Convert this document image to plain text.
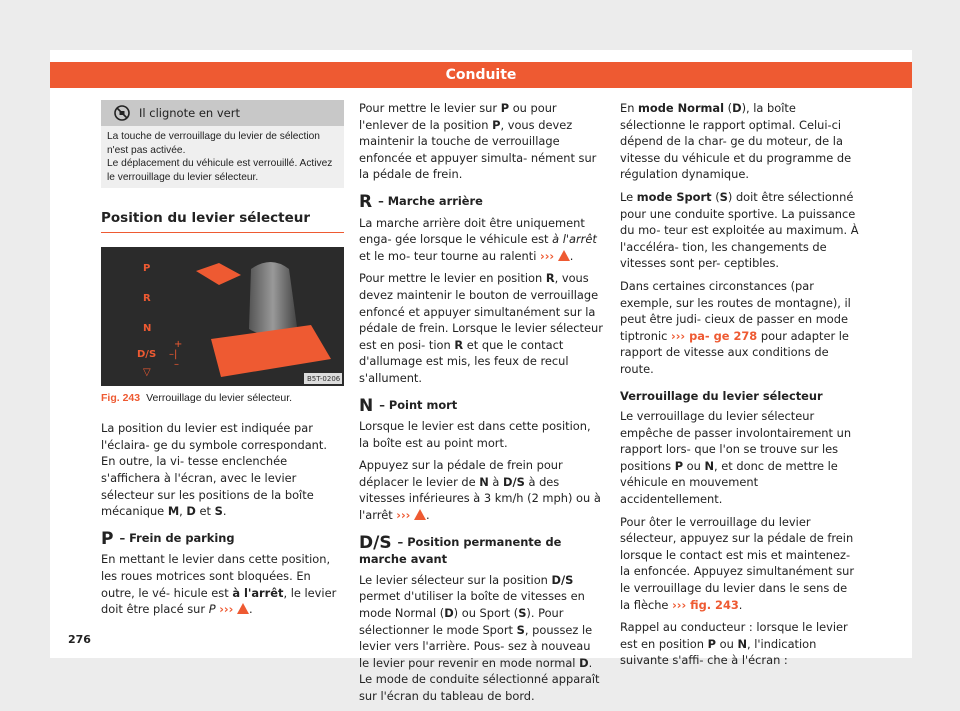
Conduite
Il clignote en vert
La touche de verrouillage du levier de sélection n'est pas activée.
Le déplacement du véhicule est verrouillé. Activez le verrouillage du levier sélecteur.
Position du levier sélecteur
P
R
N
D/S
▽
+
–|
–
B5T-0206
Fig. 243 Verrouillage du levier sélecteur.

La position du levier est indiquée par l'éclaira- ge du symbole correspondant. En outre, la vi- tesse enclenchée s'affichera à l'écran, avec le levier sélecteur sur les positions de la boîte mécanique M, D et S.

P – Frein de parking

En mettant le levier dans cette position, les roues motrices sont bloquées. En outre, le vé- hicule est à l'arrêt, le levier doit être placé sur P ››› .

Pour mettre le levier sur P ou pour l'enlever de la position P, vous devez maintenir la touche de verrouillage enfoncée et appuyer simulta- nément sur la pédale de frein.

R – Marche arrière

La marche arrière doit être uniquement enga- gée lorsque le véhicule est à l'arrêt et le mo- teur tourne au ralenti ››› .

Pour mettre le levier en position R, vous devez maintenir le bouton de verrouillage enfoncé et appuyer simultanément sur la pédale de frein. Lorsque le levier sélecteur est en posi- tion R et que le contact d'allumage est mis, les feux de recul s'allument.

N – Point mort

Lorsque le levier est dans cette position, la boîte est au point mort.

Appuyez sur la pédale de frein pour déplacer le levier de N à D/S à des vitesses inférieures à 3 km/h (2 mph) ou à l'arrêt ››› .

D/S – Position permanente de marche avant

Le levier sélecteur sur la position D/S permet d'utiliser la boîte de vitesses en mode Normal (D) ou Sport (S). Pour sélectionner le mode Sport S, poussez le levier vers l'arrière. Pous- sez à nouveau le levier pour revenir en mode normal D. Le mode de conduite sélectionné apparaît sur l'écran du tableau de bord.

En mode Normal (D), la boîte sélectionne le rapport optimal. Celui-ci dépend de la char- ge du moteur, de la vitesse du véhicule et du programme de régulation dynamique.

Le mode Sport (S) doit être sélectionné pour une conduite sportive. La puissance du mo- teur est exploitée au maximum. À l'accéléra- tion, les changements de vitesses sont per- ceptibles.

Dans certaines circonstances (par exemple, sur les routes de montagne), il peut être judi- cieux de passer en mode tiptronic ››› pa- ge 278 pour adapter le rapport de vitesse aux conditions de route.

Verrouillage du levier sélecteur

Le verrouillage du levier sélecteur empêche de passer involontairement un rapport lors- que l'on se trouve sur les positions P ou N, et donc de mettre le véhicule en mouvement accidentellement.

Pour ôter le verrouillage du levier sélecteur, appuyez sur la pédale de frein lorsque le contact est mis et maintenez-la enfoncée. Appuyez simultanément sur le verrouillage du levier dans le sens de la flèche ››› fig. 243.

Rappel au conducteur : lorsque le levier est en position P ou N, l'indication suivante s'affi- che à l'écran :

276
